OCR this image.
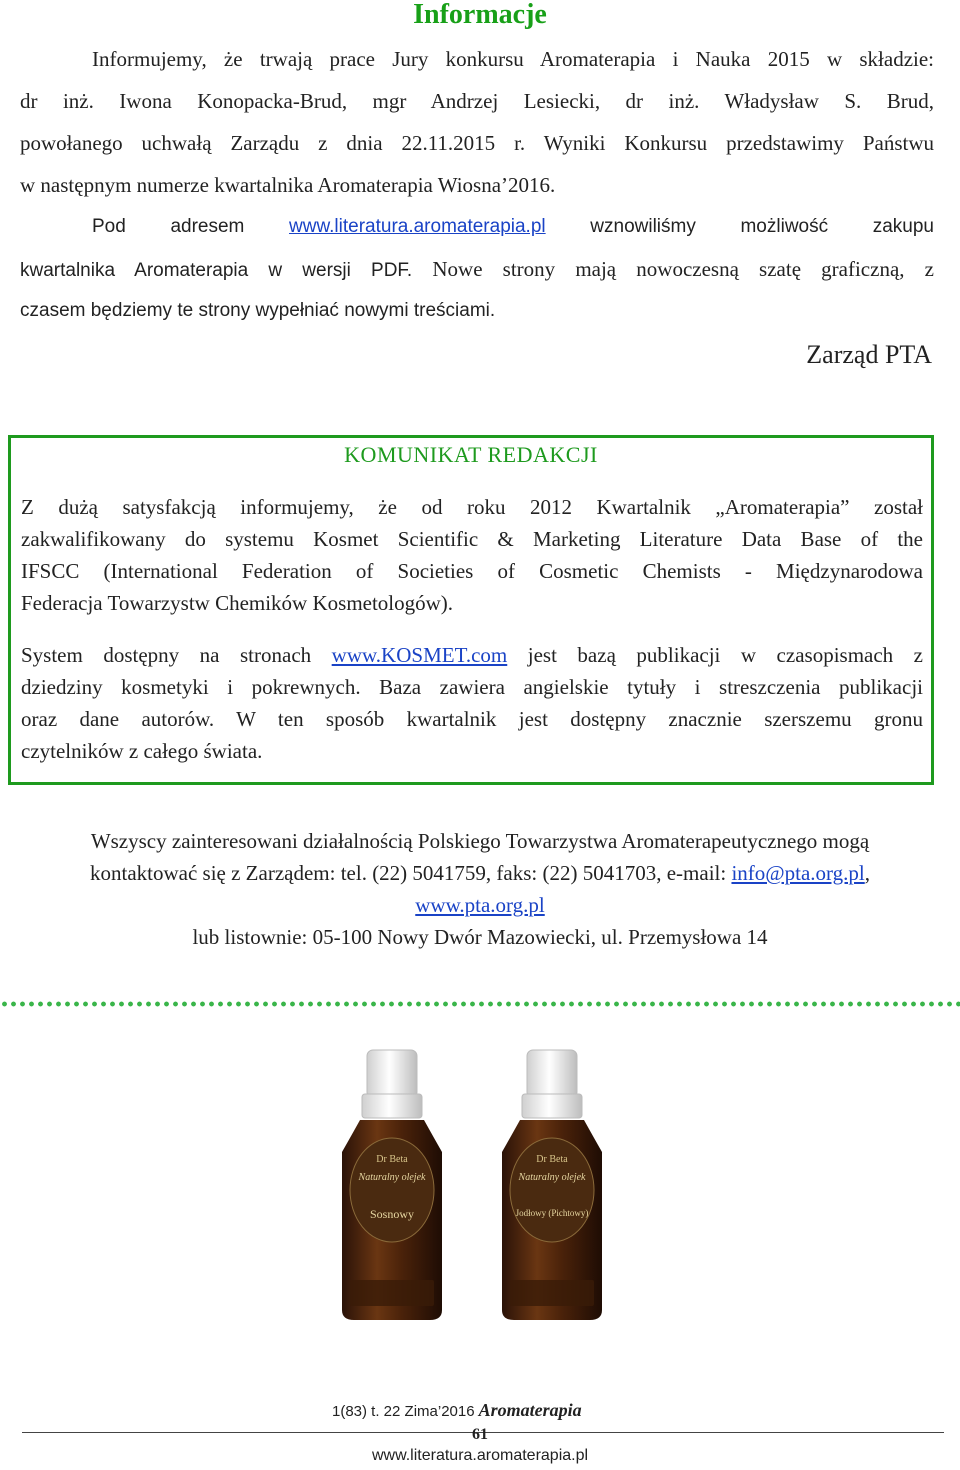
Informacje
Informujemy, że trwają prace Jury konkursu Aromaterapia i Nauka 2015 w składzie:
dr inż. Iwona Konopacka-Brud, mgr Andrzej Lesiecki, dr inż. Władysław S. Brud,
powołanego uchwałą Zarządu z dnia 22.11.2015 r. Wyniki Konkursu przedstawimy Państwu
w następnym numerze kwartalnika Aromaterapia Wiosna’2016.
Pod adresem www.literatura.aromaterapia.pl wznowiliśmy możliwość zakupu
kwartalnika Aromaterapia w wersji PDF. Nowe strony mają nowoczesną szatę graficzną, z
czasem będziemy te strony wypełniać nowymi treściami.
Zarząd PTA
KOMUNIKAT REDAKCJI
Z dużą satysfakcją informujemy, że od roku 2012 Kwartalnik „Aromaterapia” został
zakwalifikowany do systemu Kosmet Scientific & Marketing Literature Data Base of the
IFSCC (International Federation of Societies of Cosmetic Chemists - Międzynarodowa
Federacja Towarzystw Chemików Kosmetologów).
System dostępny na stronach www.KOSMET.com jest bazą publikacji w czasopismach z
dziedziny kosmetyki i pokrewnych. Baza zawiera angielskie tytuły i streszczenia publikacji
oraz dane autorów. W ten sposób kwartalnik jest dostępny znacznie szerszemu gronu
czytelników z całego świata.
Wszyscy zainteresowani działalnością Polskiego Towarzystwa Aromaterapeutycznego mogą
kontaktować się z Zarządem: tel. (22) 5041759, faks: (22) 5041703, e-mail: info@pta.org.pl,
www.pta.org.pl
lub listownie: 05-100 Nowy Dwór Mazowiecki, ul. Przemysłowa 14
Dr Beta
Naturalny olejek
Sosnowy
Dr Beta
Naturalny olejek
Jodłowy (Pichtowy)
1(83) t. 22 Zima’2016 Aromaterapia
61
www.literatura.aromaterapia.pl
